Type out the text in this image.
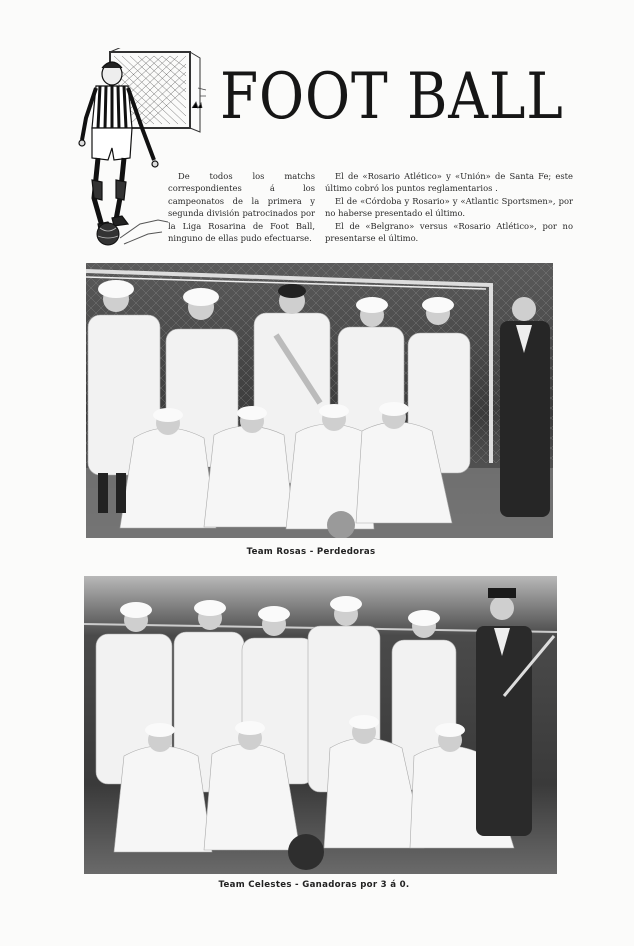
FOOT BALL
De todos los matchs correspondientes á los campeonatos de la primera y segunda división patrocinados por la Liga Rosarina de Foot Ball, ninguno de ellas pudo efectuarse.

El de «Rosario Atlético» y «Unión» de Santa Fe; este último cobró los puntos reglamentarios .

El de «Córdoba y Rosario» y «Atlantic Sportsmen», por no haberse presentado el último.

El de «Belgrano» versus «Rosario Atlético», por no presentarse el último.

Team Rosas - Perdedoras
Team Celestes - Ganadoras por 3 á 0.
